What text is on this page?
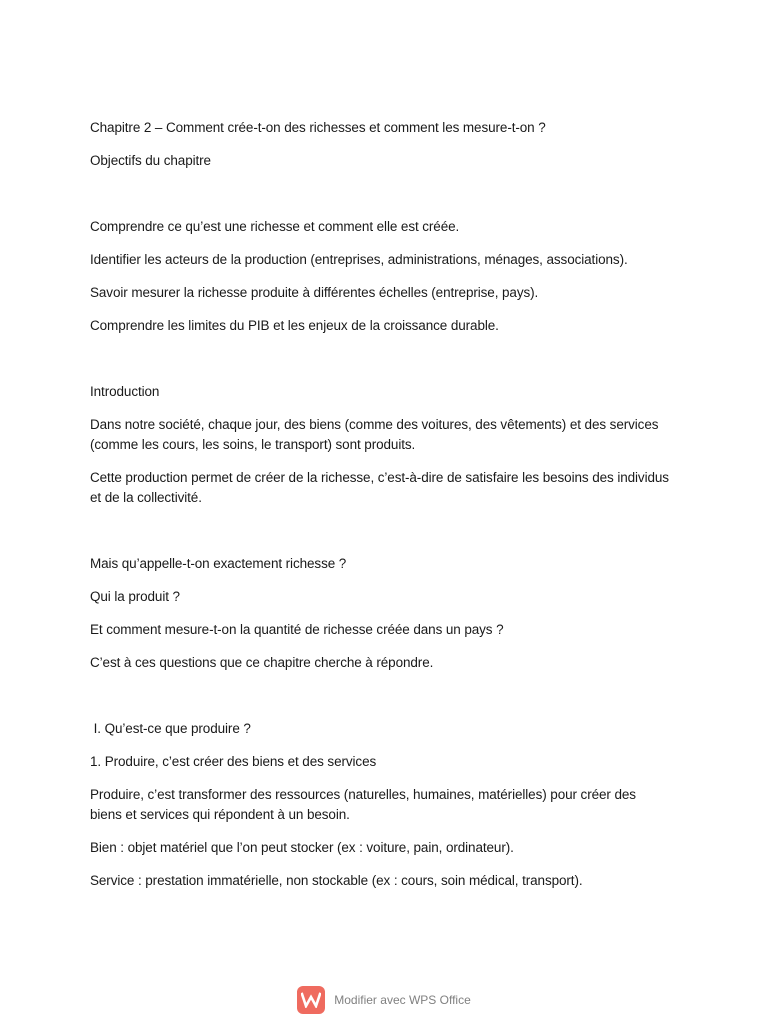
Chapitre 2 – Comment crée-t-on des richesses et comment les mesure-t-on ?

Objectifs du chapitre

Comprendre ce qu’est une richesse et comment elle est créée.

Identifier les acteurs de la production (entreprises, administrations, ménages, associations).

Savoir mesurer la richesse produite à différentes échelles (entreprise, pays).

Comprendre les limites du PIB et les enjeux de la croissance durable.

Introduction

Dans notre société, chaque jour, des biens (comme des voitures, des vêtements) et des services (comme les cours, les soins, le transport) sont produits.

Cette production permet de créer de la richesse, c’est-à-dire de satisfaire les besoins des individus et de la collectivité.

Mais qu’appelle-t-on exactement richesse ?

Qui la produit ?

Et comment mesure-t-on la quantité de richesse créée dans un pays ?

C’est à ces questions que ce chapitre cherche à répondre.

I. Qu’est-ce que produire ?

1. Produire, c’est créer des biens et des services

Produire, c’est transformer des ressources (naturelles, humaines, matérielles) pour créer des biens et services qui répondent à un besoin.

Bien : objet matériel que l’on peut stocker (ex : voiture, pain, ordinateur).

Service : prestation immatérielle, non stockable (ex : cours, soin médical, transport).

Modifier avec WPS Office
